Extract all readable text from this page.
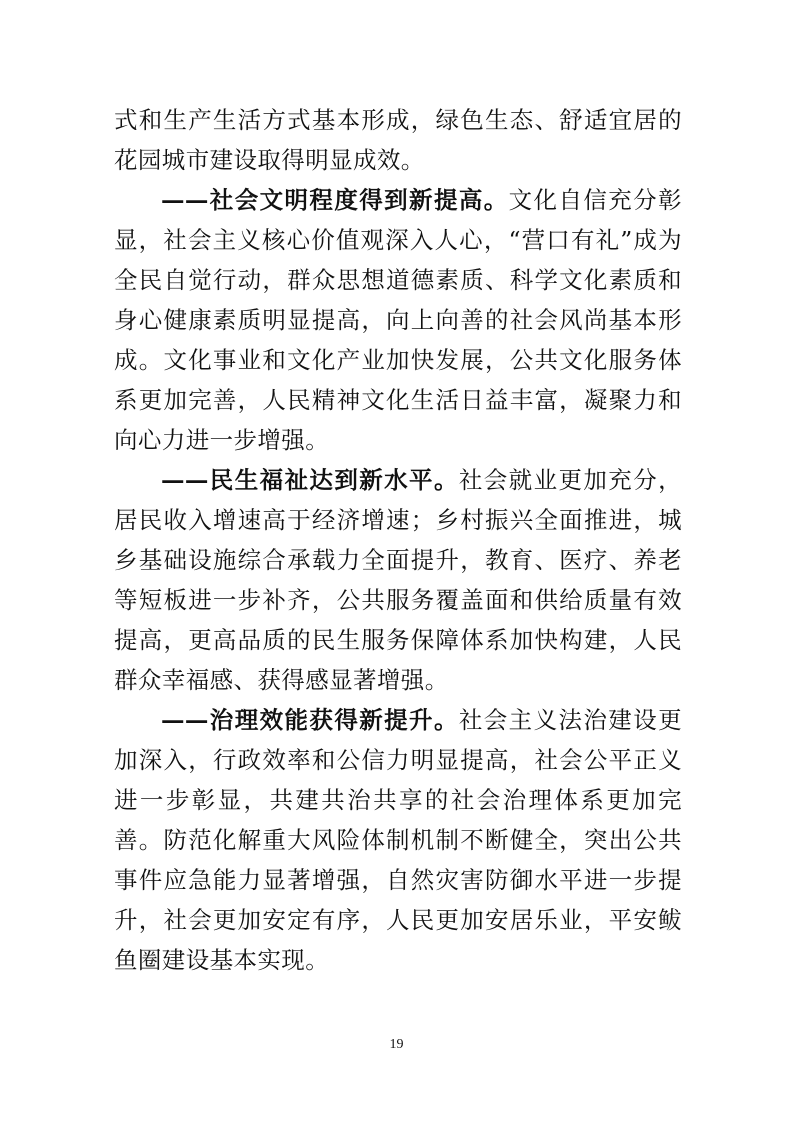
式和生产生活方式基本形成，绿色生态、舒适宜居的花园城市建设取得明显成效。

——社会文明程度得到新提高。文化自信充分彰显，社会主义核心价值观深入人心，“营口有礼”成为全民自觉行动，群众思想道德素质、科学文化素质和身心健康素质明显提高，向上向善的社会风尚基本形成。文化事业和文化产业加快发展，公共文化服务体系更加完善，人民精神文化生活日益丰富，凝聚力和向心力进一步增强。

——民生福祉达到新水平。社会就业更加充分，居民收入增速高于经济增速；乡村振兴全面推进，城乡基础设施综合承载力全面提升，教育、医疗、养老等短板进一步补齐，公共服务覆盖面和供给质量有效提高，更高品质的民生服务保障体系加快构建，人民群众幸福感、获得感显著增强。

——治理效能获得新提升。社会主义法治建设更加深入，行政效率和公信力明显提高，社会公平正义进一步彰显，共建共治共享的社会治理体系更加完善。防范化解重大风险体制机制不断健全，突出公共事件应急能力显著增强，自然灾害防御水平进一步提升，社会更加安定有序，人民更加安居乐业，平安鲅鱼圈建设基本实现。

19
